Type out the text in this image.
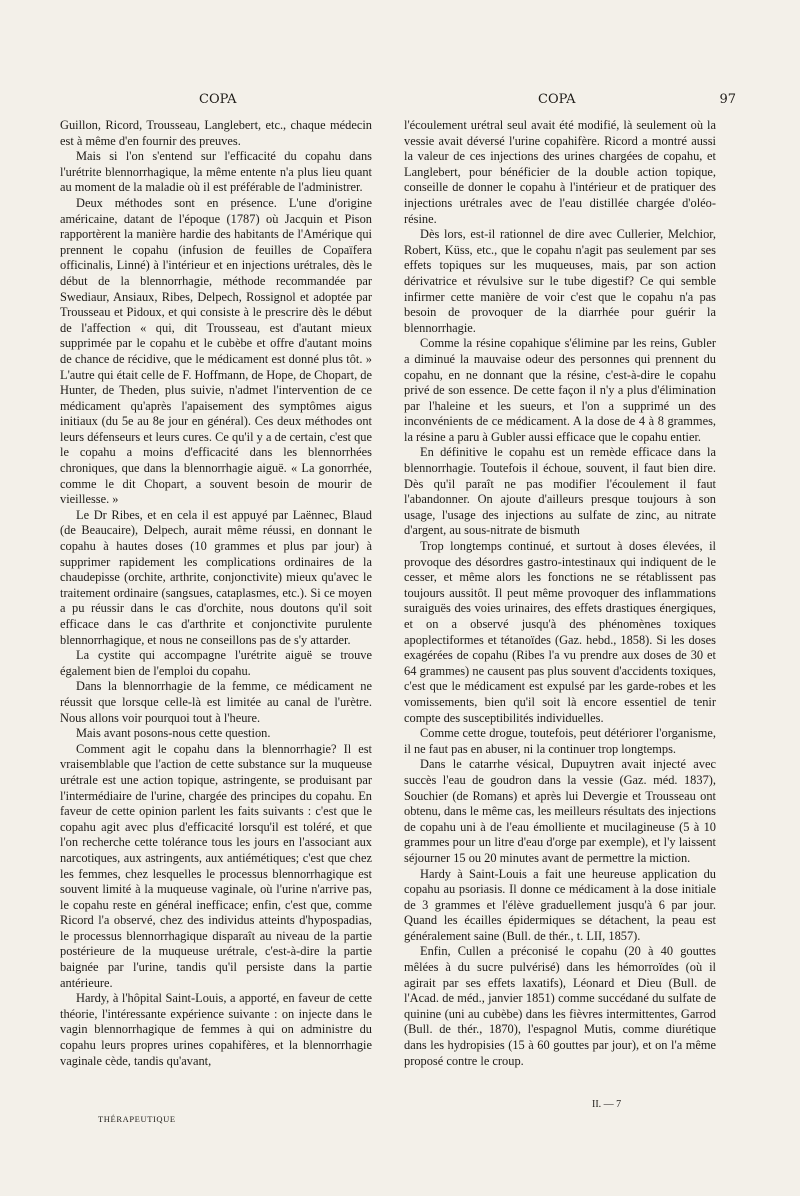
COPA	COPA	97

Guillon, Ricord, Trousseau, Langlebert, etc., chaque médecin est à même d'en fournir des preuves.

Mais si l'on s'entend sur l'efficacité du copahu dans l'urétrite blennorrhagique, la même entente n'a plus lieu quant au moment de la maladie où il est préférable de l'administrer.

Deux méthodes sont en présence. L'une d'origine américaine, datant de l'époque (1787) où Jacquin et Pison rapportèrent la manière hardie des habitants de l'Amérique qui prennent le copahu (infusion de feuilles de Copaïfera officinalis, Linné) à l'intérieur et en injections urétrales, dès le début de la blennorrhagie, méthode recommandée par Swediaur, Ansiaux, Ribes, Delpech, Rossignol et adoptée par Trousseau et Pidoux, et qui consiste à le prescrire dès le début de l'affection « qui, dit Trousseau, est d'autant mieux supprimée par le copahu et le cubèbe et offre d'autant moins de chance de récidive, que le médicament est donné plus tôt. » L'autre qui était celle de F. Hoffmann, de Hope, de Chopart, de Hunter, de Theden, plus suivie, n'admet l'intervention de ce médicament qu'après l'apaisement des symptômes aigus initiaux (du 5e au 8e jour en général). Ces deux méthodes ont leurs défenseurs et leurs cures. Ce qu'il y a de certain, c'est que le copahu a moins d'efficacité dans les blennorrhées chroniques, que dans la blennorrhagie aiguë. « La gonorrhée, comme le dit Chopart, a souvent besoin de mourir de vieillesse. »

Le Dr Ribes, et en cela il est appuyé par Laënnec, Blaud (de Beaucaire), Delpech, aurait même réussi, en donnant le copahu à hautes doses (10 grammes et plus par jour) à supprimer rapidement les complications ordinaires de la chaudepisse (orchite, arthrite, conjonctivite) mieux qu'avec le traitement ordinaire (sangsues, cataplasmes, etc.). Si ce moyen a pu réussir dans le cas d'orchite, nous doutons qu'il soit efficace dans le cas d'arthrite et conjonctivite purulente blennorrhagique, et nous ne conseillons pas de s'y attarder.

La cystite qui accompagne l'urétrite aiguë se trouve également bien de l'emploi du copahu.

Dans la blennorrhagie de la femme, ce médicament ne réussit que lorsque celle-là est limitée au canal de l'urètre. Nous allons voir pourquoi tout à l'heure.

Mais avant posons-nous cette question.

Comment agit le copahu dans la blennorrhagie? Il est vraisemblable que l'action de cette substance sur la muqueuse urétrale est une action topique, astringente, se produisant par l'intermédiaire de l'urine, chargée des principes du copahu. En faveur de cette opinion parlent les faits suivants : c'est que le copahu agit avec plus d'efficacité lorsqu'il est toléré, et que l'on recherche cette tolérance tous les jours en l'associant aux narcotiques, aux astringents, aux antiémétiques; c'est que chez les femmes, chez lesquelles le processus blennorrhagique est souvent limité à la muqueuse vaginale, où l'urine n'arrive pas, le copahu reste en général inefficace; enfin, c'est que, comme Ricord l'a observé, chez des individus atteints d'hypospadias, le processus blennorrhagique disparaît au niveau de la partie postérieure de la muqueuse urétrale, c'est-à-dire la partie baignée par l'urine, tandis qu'il persiste dans la partie antérieure.

Hardy, à l'hôpital Saint-Louis, a apporté, en faveur de cette théorie, l'intéressante expérience suivante : on injecte dans le vagin blennorrhagique de femmes à qui on administre du copahu leurs propres urines copahifères, et la blennorrhagie vaginale cède, tandis qu'avant,

l'écoulement urétral seul avait été modifié, là seulement où la vessie avait déversé l'urine copahifère. Ricord a montré aussi la valeur de ces injections des urines chargées de copahu, et Langlebert, pour bénéficier de la double action topique, conseille de donner le copahu à l'intérieur et de pratiquer des injections urétrales avec de l'eau distillée chargée d'oléo-résine.

Dès lors, est-il rationnel de dire avec Cullerier, Melchior, Robert, Küss, etc., que le copahu n'agit pas seulement par ses effets topiques sur les muqueuses, mais, par son action dérivatrice et révulsive sur le tube digestif? Ce qui semble infirmer cette manière de voir c'est que le copahu n'a pas besoin de provoquer de la diarrhée pour guérir la blennorrhagie.

Comme la résine copahique s'élimine par les reins, Gubler a diminué la mauvaise odeur des personnes qui prennent du copahu, en ne donnant que la résine, c'est-à-dire le copahu privé de son essence. De cette façon il n'y a plus d'élimination par l'haleine et les sueurs, et l'on a supprimé un des inconvénients de ce médicament. A la dose de 4 à 8 grammes, la résine a paru à Gubler aussi efficace que le copahu entier.

En définitive le copahu est un remède efficace dans la blennorrhagie. Toutefois il échoue, souvent, il faut bien dire. Dès qu'il paraît ne pas modifier l'écoulement il faut l'abandonner. On ajoute d'ailleurs presque toujours à son usage, l'usage des injections au sulfate de zinc, au nitrate d'argent, au sous-nitrate de bismuth

Trop longtemps continué, et surtout à doses élevées, il provoque des désordres gastro-intestinaux qui indiquent de le cesser, et même alors les fonctions ne se rétablissent pas toujours aussitôt. Il peut même provoquer des inflammations suraiguës des voies urinaires, des effets drastiques énergiques, et on a observé jusqu'à des phénomènes toxiques apoplectiformes et tétanoïdes (Gaz. hebd., 1858). Si les doses exagérées de copahu (Ribes l'a vu prendre aux doses de 30 et 64 grammes) ne causent pas plus souvent d'accidents toxiques, c'est que le médicament est expulsé par les garde-robes et les vomissements, bien qu'il soit là encore essentiel de tenir compte des susceptibilités individuelles.

Comme cette drogue, toutefois, peut détériorer l'organisme, il ne faut pas en abuser, ni la continuer trop longtemps.

Dans le catarrhe vésical, Dupuytren avait injecté avec succès l'eau de goudron dans la vessie (Gaz. méd. 1837), Souchier (de Romans) et après lui Devergie et Trousseau ont obtenu, dans le même cas, les meilleurs résultats des injections de copahu uni à de l'eau émolliente et mucilagineuse (5 à 10 grammes pour un litre d'eau d'orge par exemple), et l'y laissent séjourner 15 ou 20 minutes avant de permettre la miction.

Hardy à Saint-Louis a fait une heureuse application du copahu au psoriasis. Il donne ce médicament à la dose initiale de 3 grammes et l'élève graduellement jusqu'à 6 par jour. Quand les écailles épidermiques se détachent, la peau est généralement saine (Bull. de thér., t. LII, 1857).

Enfin, Cullen a préconisé le copahu (20 à 40 gouttes mêlées à du sucre pulvérisé) dans les hémorroïdes (où il agirait par ses effets laxatifs), Léonard et Dieu (Bull. de l'Acad. de méd., janvier 1851) comme succédané du sulfate de quinine (uni au cubèbe) dans les fièvres intermittentes, Garrod (Bull. de thér., 1870), l'espagnol Mutis, comme diurétique dans les hydropisies (15 à 60 gouttes par jour), et on l'a même proposé contre le croup.

THÉRAPEUTIQUE
II. — 7
